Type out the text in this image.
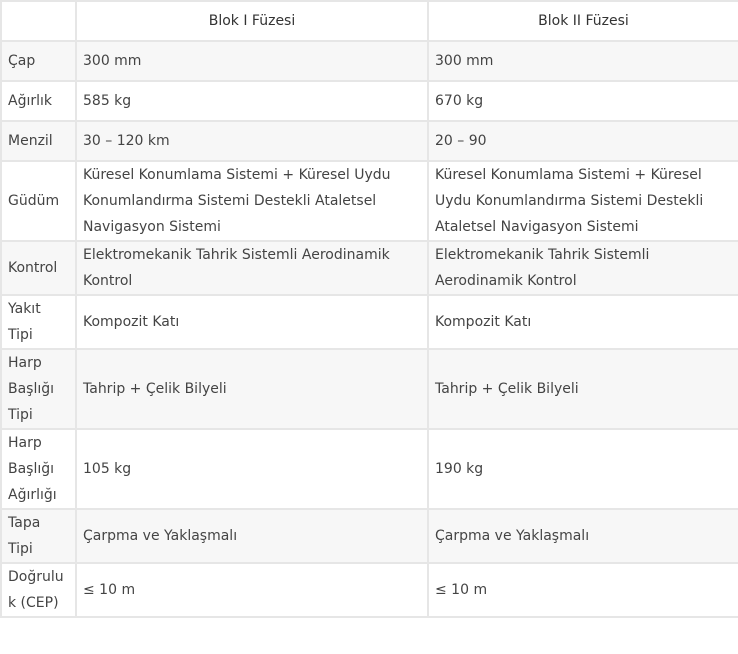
	Blok I Füzesi	Blok II Füzesi
Çap	300 mm	300 mm
Ağırlık	585 kg	670 kg
Menzil	30 – 120 km	20 – 90
Güdüm	Küresel Konumlama Sistemi + Küresel Uydu Konumlandırma Sistemi Destekli Ataletsel Navigasyon Sistemi	Küresel Konumlama Sistemi + Küresel Uydu Konumlandırma Sistemi Destekli Ataletsel Navigasyon Sistemi
Kontrol	Elektromekanik Tahrik Sistemli Aerodinamik Kontrol	Elektromekanik Tahrik Sistemli Aerodinamik Kontrol
Yakıt Tipi	Kompozit Katı	Kompozit Katı
Harp Başlığı Tipi	Tahrip + Çelik Bilyeli	Tahrip + Çelik Bilyeli
Harp Başlığı Ağırlığı	105 kg	190 kg
Tapa Tipi	Çarpma ve Yaklaşmalı	Çarpma ve Yaklaşmalı
Doğruluk (CEP)	≤ 10 m	≤ 10 m
